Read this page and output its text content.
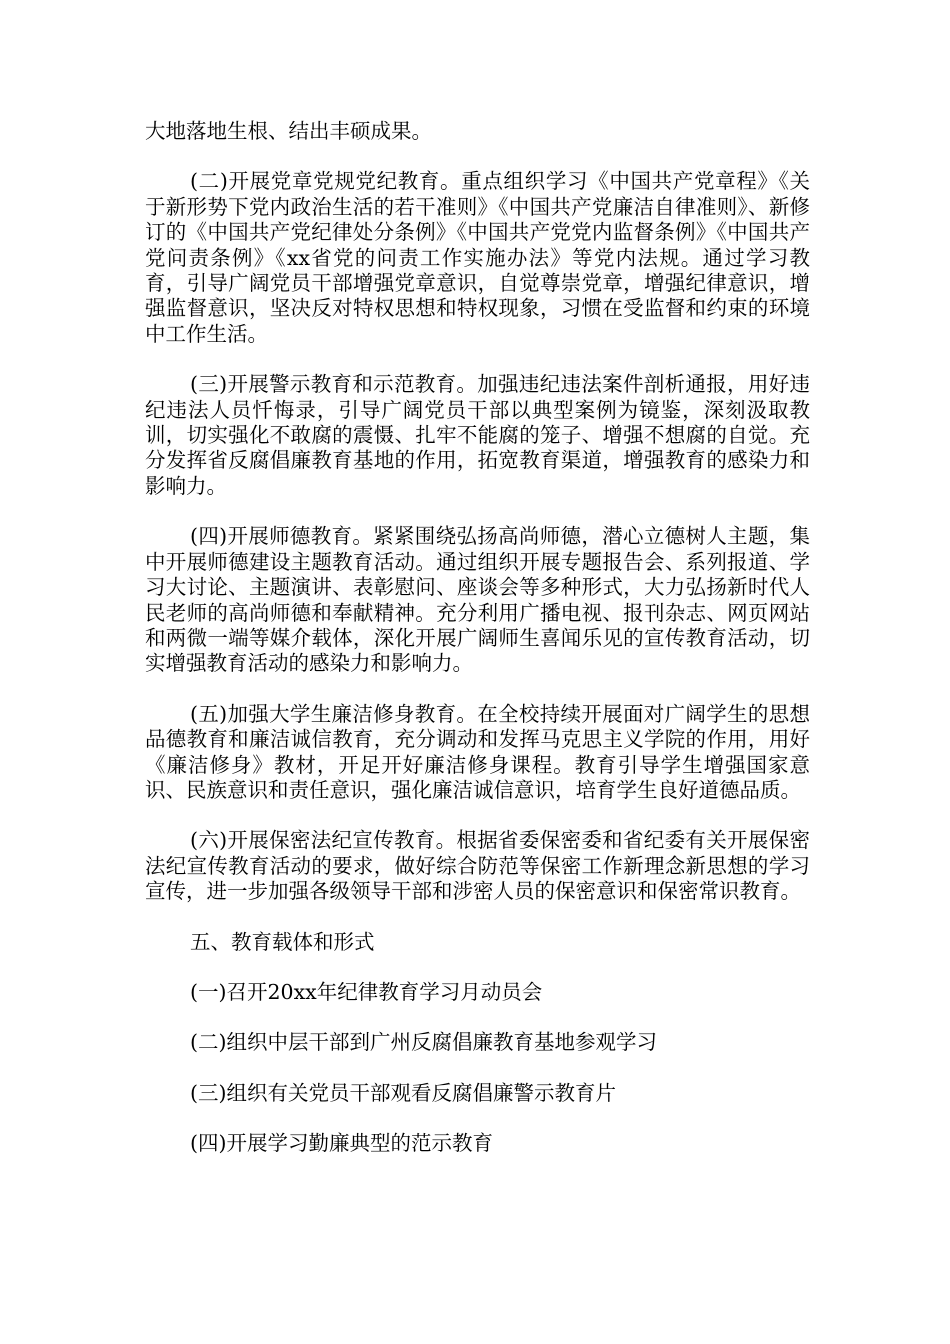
大地落地生根、结出丰硕成果。

(二)开展党章党规党纪教育。重点组织学习《中国共产党章程》《关于新形势下党内政治生活的若干准则》《中国共产党廉洁自律准则》、新修订的《中国共产党纪律处分条例》《中国共产党党内监督条例》《中国共产党问责条例》《xx省党的问责工作实施办法》等党内法规。通过学习教育，引导广阔党员干部增强党章意识，自觉尊崇党章，增强纪律意识，增强监督意识，坚决反对特权思想和特权现象，习惯在受监督和约束的环境中工作生活。

(三)开展警示教育和示范教育。加强违纪违法案件剖析通报，用好违纪违法人员忏悔录，引导广阔党员干部以典型案例为镜鉴，深刻汲取教训，切实强化不敢腐的震慑、扎牢不能腐的笼子、增强不想腐的自觉。充分发挥省反腐倡廉教育基地的作用，拓宽教育渠道，增强教育的感染力和影响力。

(四)开展师德教育。紧紧围绕弘扬高尚师德，潜心立德树人主题，集中开展师德建设主题教育活动。通过组织开展专题报告会、系列报道、学习大讨论、主题演讲、表彰慰问、座谈会等多种形式，大力弘扬新时代人民老师的高尚师德和奉献精神。充分利用广播电视、报刊杂志、网页网站和两微一端等媒介载体，深化开展广阔师生喜闻乐见的宣传教育活动，切实增强教育活动的感染力和影响力。

(五)加强大学生廉洁修身教育。在全校持续开展面对广阔学生的思想品德教育和廉洁诚信教育，充分调动和发挥马克思主义学院的作用，用好《廉洁修身》教材，开足开好廉洁修身课程。教育引导学生增强国家意识、民族意识和责任意识，强化廉洁诚信意识，培育学生良好道德品质。

(六)开展保密法纪宣传教育。根据省委保密委和省纪委有关开展保密法纪宣传教育活动的要求，做好综合防范等保密工作新理念新思想的学习宣传，进一步加强各级领导干部和涉密人员的保密意识和保密常识教育。

五、教育载体和形式

(一)召开20xx年纪律教育学习月动员会

(二)组织中层干部到广州反腐倡廉教育基地参观学习

(三)组织有关党员干部观看反腐倡廉警示教育片

(四)开展学习勤廉典型的范示教育
